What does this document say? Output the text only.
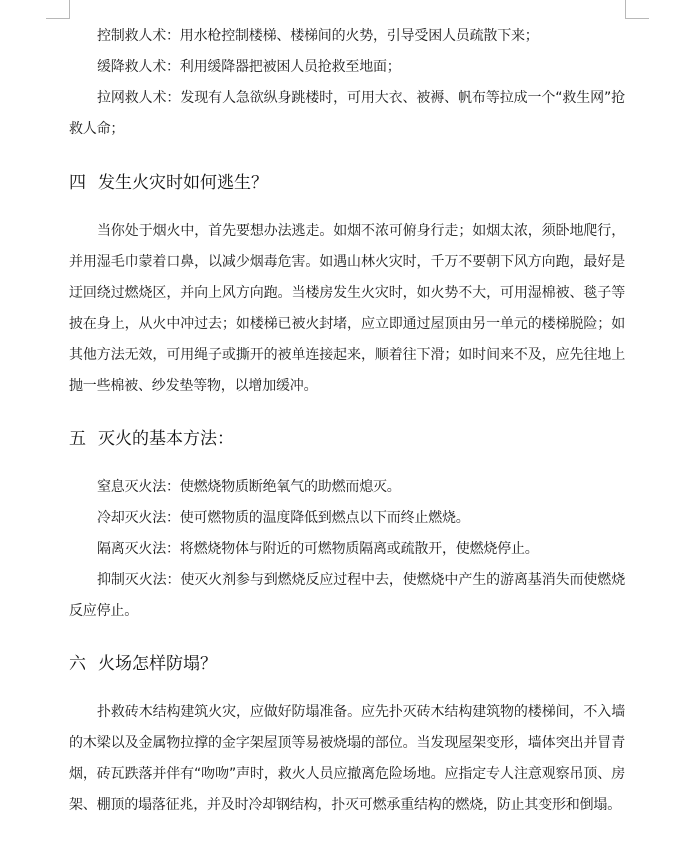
控制救人术：用水枪控制楼梯、楼梯间的火势，引导受困人员疏散下来；

缓降救人术：利用缓降器把被困人员抢救至地面；

拉网救人术：发现有人急欲纵身跳楼时，可用大衣、被褥、帆布等拉成一个“救生网”抢救人命；

四 发生火灾时如何逃生？

当你处于烟火中，首先要想办法逃走。如烟不浓可俯身行走；如烟太浓，须卧地爬行，并用湿毛巾蒙着口鼻，以减少烟毒危害。如遇山林火灾时，千万不要朝下风方向跑，最好是迂回绕过燃烧区，并向上风方向跑。当楼房发生火灾时，如火势不大，可用湿棉被、毯子等披在身上，从火中冲过去；如楼梯已被火封堵，应立即通过屋顶由另一单元的楼梯脱险；如其他方法无效，可用绳子或撕开的被单连接起来，顺着往下滑；如时间来不及，应先往地上抛一些棉被、纱发垫等物，以增加缓冲。

五 灭火的基本方法：

窒息灭火法：使燃烧物质断绝氧气的助燃而熄灭。

冷却灭火法：使可燃物质的温度降低到燃点以下而终止燃烧。

隔离灭火法：将燃烧物体与附近的可燃物质隔离或疏散开，使燃烧停止。

抑制灭火法：使灭火剂参与到燃烧反应过程中去，使燃烧中产生的游离基消失而使燃烧反应停止。

六 火场怎样防塌？

扑救砖木结构建筑火灾，应做好防塌准备。应先扑灭砖木结构建筑物的楼梯间，不入墙的木梁以及金属物拉撑的金字架屋顶等易被烧塌的部位。当发现屋架变形，墙体突出并冒青烟，砖瓦跌落并伴有“吻吻”声时，救火人员应撤离危险场地。应指定专人注意观察吊顶、房架、棚顶的塌落征兆，并及时冷却钢结构，扑灭可燃承重结构的燃烧，防止其变形和倒塌。
